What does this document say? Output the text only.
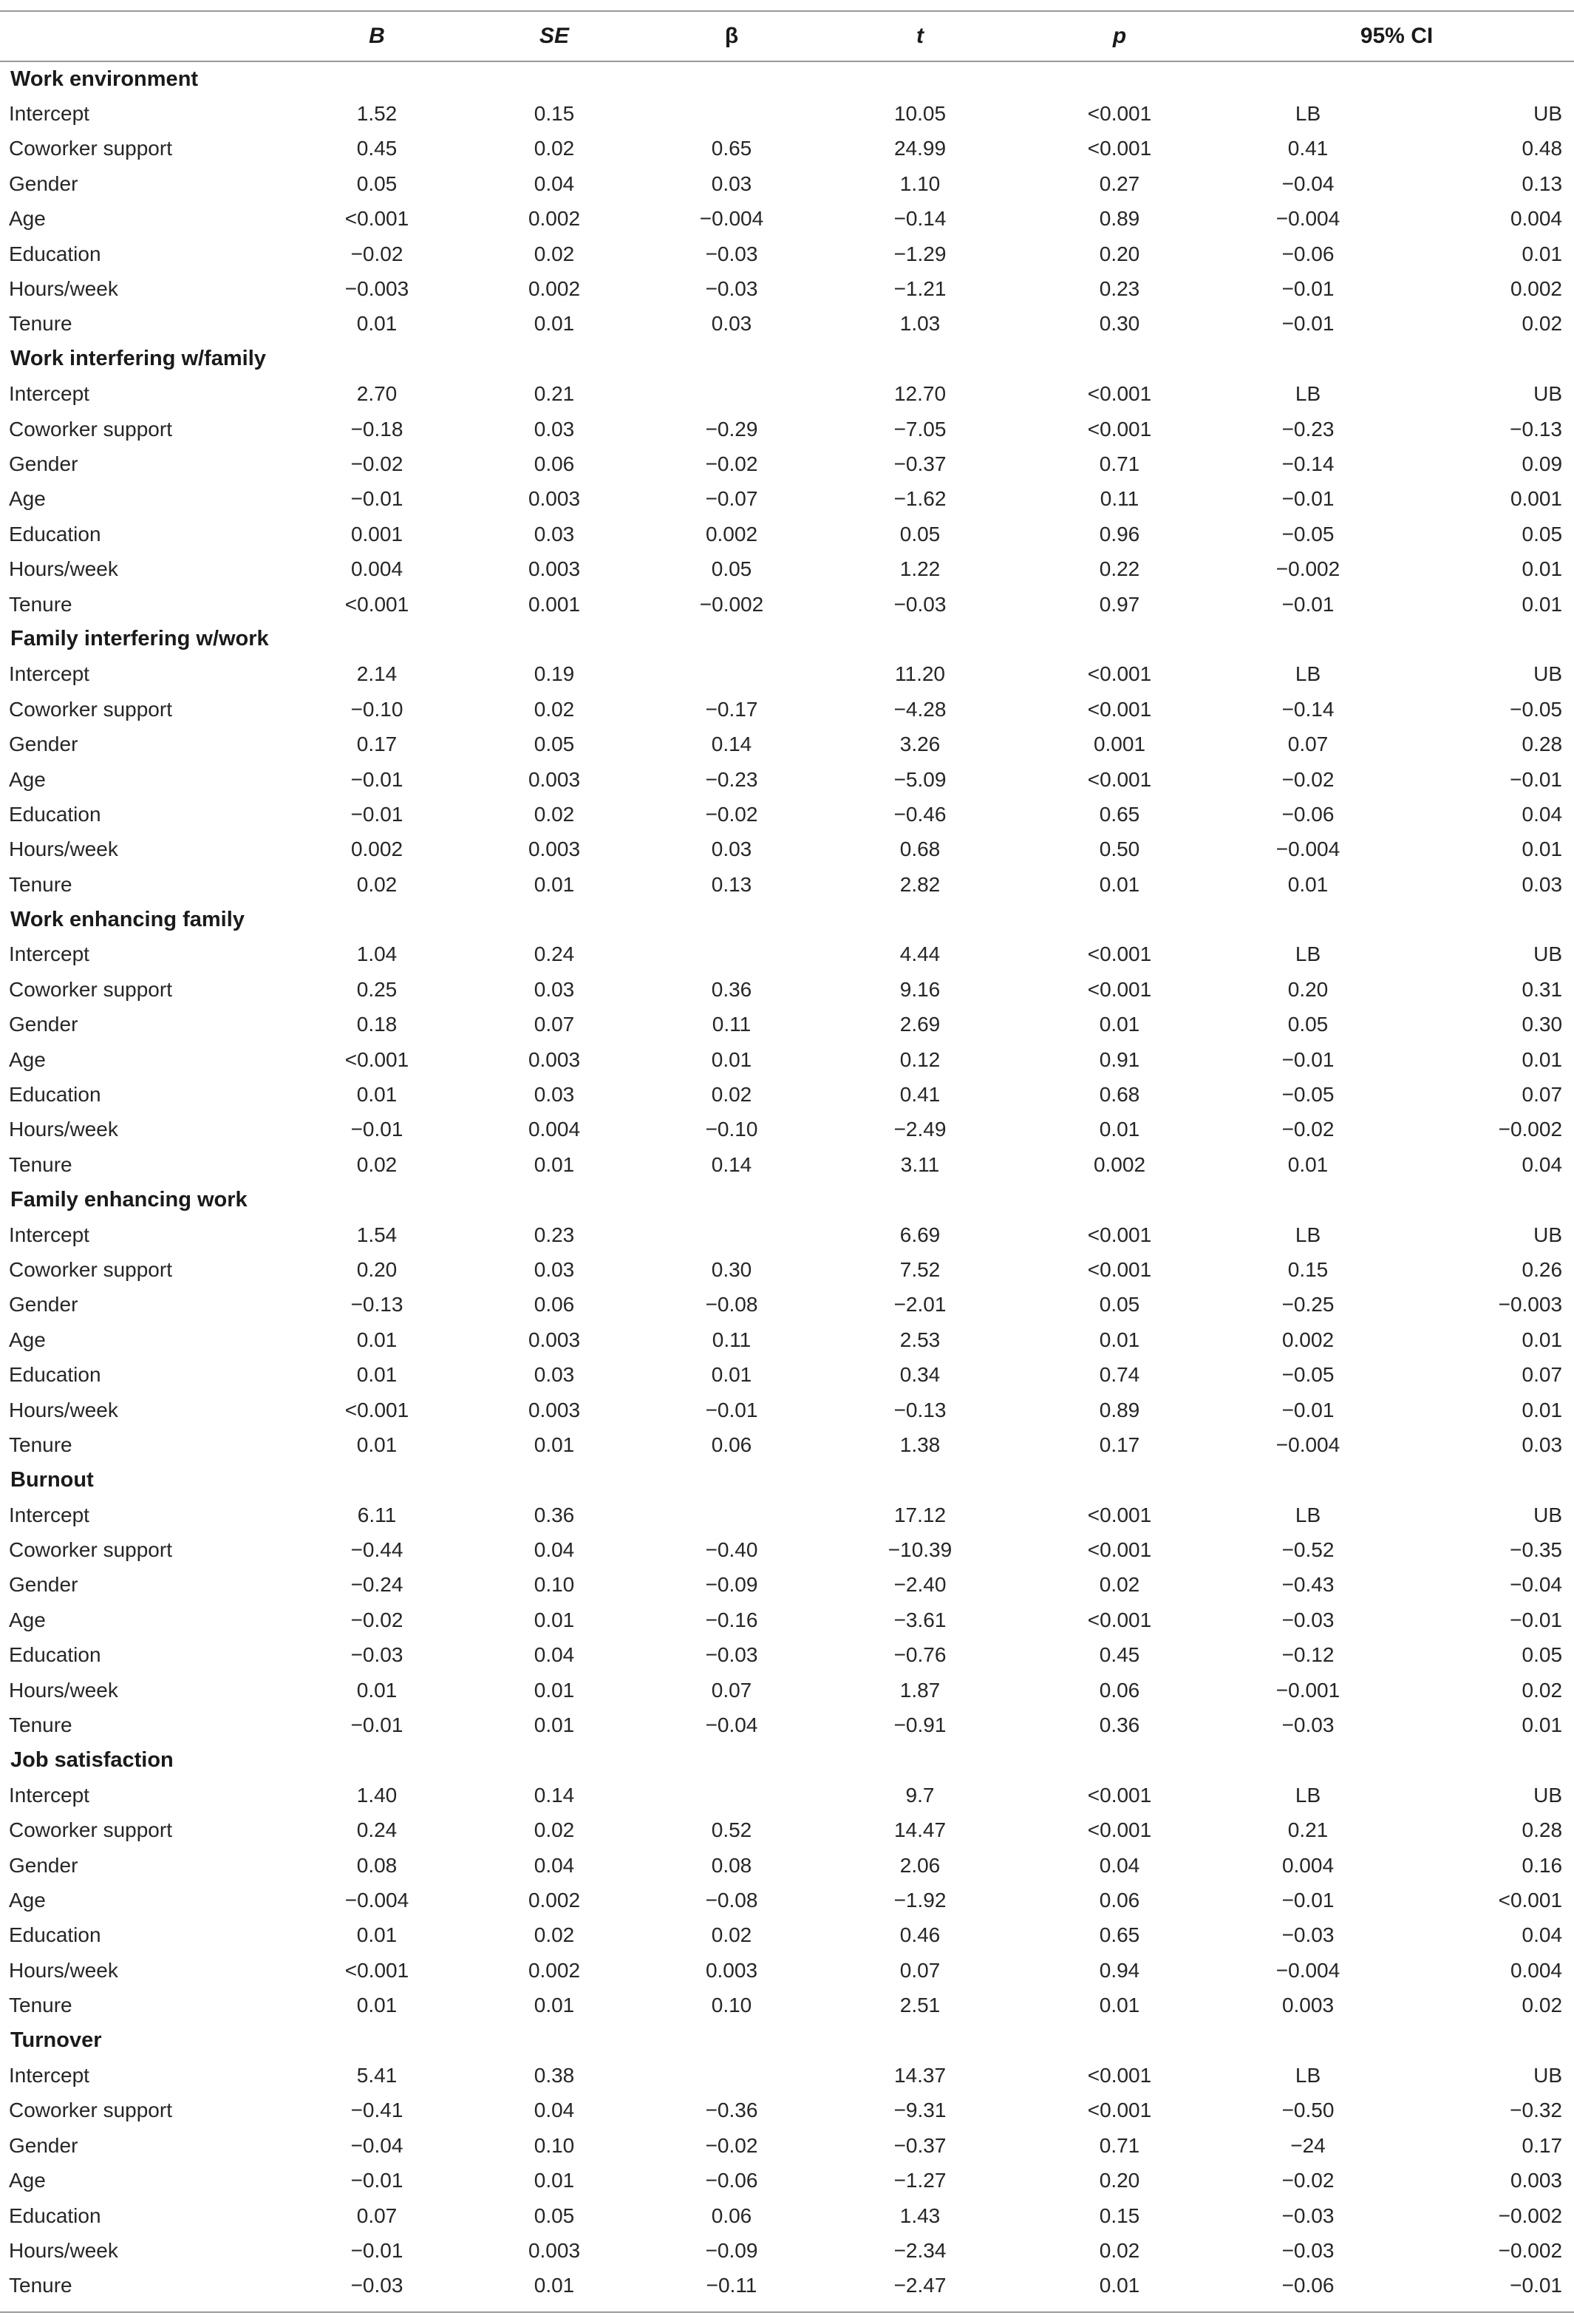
	B	SE	β	t	p	95% CI	
Work environment							
Intercept	1.52	0.15		10.05	<0.001	LB	UB
Coworker support	0.45	0.02	0.65	24.99	<0.001	0.41	0.48
Gender	0.05	0.04	0.03	1.10	0.27	−0.04	0.13
Age	<0.001	0.002	−0.004	−0.14	0.89	−0.004	0.004
Education	−0.02	0.02	−0.03	−1.29	0.20	−0.06	0.01
Hours/week	−0.003	0.002	−0.03	−1.21	0.23	−0.01	0.002
Tenure	0.01	0.01	0.03	1.03	0.30	−0.01	0.02
Work interfering w/family							
Intercept	2.70	0.21		12.70	<0.001	LB	UB
Coworker support	−0.18	0.03	−0.29	−7.05	<0.001	−0.23	−0.13
Gender	−0.02	0.06	−0.02	−0.37	0.71	−0.14	0.09
Age	−0.01	0.003	−0.07	−1.62	0.11	−0.01	0.001
Education	0.001	0.03	0.002	0.05	0.96	−0.05	0.05
Hours/week	0.004	0.003	0.05	1.22	0.22	−0.002	0.01
Tenure	<0.001	0.001	−0.002	−0.03	0.97	−0.01	0.01
Family interfering w/work							
Intercept	2.14	0.19		11.20	<0.001	LB	UB
Coworker support	−0.10	0.02	−0.17	−4.28	<0.001	−0.14	−0.05
Gender	0.17	0.05	0.14	3.26	0.001	0.07	0.28
Age	−0.01	0.003	−0.23	−5.09	<0.001	−0.02	−0.01
Education	−0.01	0.02	−0.02	−0.46	0.65	−0.06	0.04
Hours/week	0.002	0.003	0.03	0.68	0.50	−0.004	0.01
Tenure	0.02	0.01	0.13	2.82	0.01	0.01	0.03
Work enhancing family							
Intercept	1.04	0.24		4.44	<0.001	LB	UB
Coworker support	0.25	0.03	0.36	9.16	<0.001	0.20	0.31
Gender	0.18	0.07	0.11	2.69	0.01	0.05	0.30
Age	<0.001	0.003	0.01	0.12	0.91	−0.01	0.01
Education	0.01	0.03	0.02	0.41	0.68	−0.05	0.07
Hours/week	−0.01	0.004	−0.10	−2.49	0.01	−0.02	−0.002
Tenure	0.02	0.01	0.14	3.11	0.002	0.01	0.04
Family enhancing work							
Intercept	1.54	0.23		6.69	<0.001	LB	UB
Coworker support	0.20	0.03	0.30	7.52	<0.001	0.15	0.26
Gender	−0.13	0.06	−0.08	−2.01	0.05	−0.25	−0.003
Age	0.01	0.003	0.11	2.53	0.01	0.002	0.01
Education	0.01	0.03	0.01	0.34	0.74	−0.05	0.07
Hours/week	<0.001	0.003	−0.01	−0.13	0.89	−0.01	0.01
Tenure	0.01	0.01	0.06	1.38	0.17	−0.004	0.03
Burnout							
Intercept	6.11	0.36		17.12	<0.001	LB	UB
Coworker support	−0.44	0.04	−0.40	−10.39	<0.001	−0.52	−0.35
Gender	−0.24	0.10	−0.09	−2.40	0.02	−0.43	−0.04
Age	−0.02	0.01	−0.16	−3.61	<0.001	−0.03	−0.01
Education	−0.03	0.04	−0.03	−0.76	0.45	−0.12	0.05
Hours/week	0.01	0.01	0.07	1.87	0.06	−0.001	0.02
Tenure	−0.01	0.01	−0.04	−0.91	0.36	−0.03	0.01
Job satisfaction							
Intercept	1.40	0.14		9.7	<0.001	LB	UB
Coworker support	0.24	0.02	0.52	14.47	<0.001	0.21	0.28
Gender	0.08	0.04	0.08	2.06	0.04	0.004	0.16
Age	−0.004	0.002	−0.08	−1.92	0.06	−0.01	<0.001
Education	0.01	0.02	0.02	0.46	0.65	−0.03	0.04
Hours/week	<0.001	0.002	0.003	0.07	0.94	−0.004	0.004
Tenure	0.01	0.01	0.10	2.51	0.01	0.003	0.02
Turnover							
Intercept	5.41	0.38		14.37	<0.001	LB	UB
Coworker support	−0.41	0.04	−0.36	−9.31	<0.001	−0.50	−0.32
Gender	−0.04	0.10	−0.02	−0.37	0.71	−24	0.17
Age	−0.01	0.01	−0.06	−1.27	0.20	−0.02	0.003
Education	0.07	0.05	0.06	1.43	0.15	−0.03	−0.002
Hours/week	−0.01	0.003	−0.09	−2.34	0.02	−0.03	−0.002
Tenure	−0.03	0.01	−0.11	−2.47	0.01	−0.06	−0.01
